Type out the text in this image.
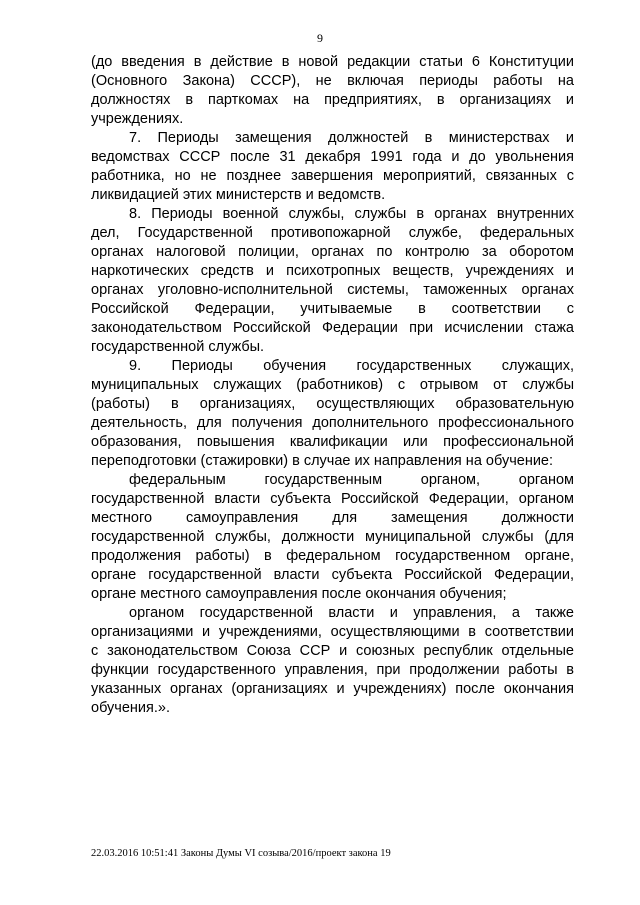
9
(до введения в действие в новой редакции статьи 6 Конституции
(Основного Закона) СССР), не включая периоды работы на
должностях в парткомах на предприятиях, в организациях и
учреждениях.
7. Периоды замещения должностей в министерствах и
ведомствах СССР после 31 декабря 1991 года и до увольнения
работника, но не позднее завершения мероприятий, связанных с
ликвидацией этих министерств и ведомств.
8. Периоды военной службы, службы в органах внутренних
дел, Государственной противопожарной службе, федеральных
органах налоговой полиции, органах по контролю за оборотом
наркотических средств и психотропных веществ, учреждениях и
органах уголовно-исполнительной системы, таможенных органах
Российской Федерации, учитываемые в соответствии с
законодательством Российской Федерации при исчислении стажа
государственной службы.
9. Периоды обучения государственных служащих,
муниципальных служащих (работников) с отрывом от службы
(работы) в организациях, осуществляющих образовательную
деятельность, для получения дополнительного профессионального
образования, повышения квалификации или профессиональной
переподготовки (стажировки) в случае их направления на обучение:
федеральным государственным органом, органом
государственной власти субъекта Российской Федерации, органом
местного самоуправления для замещения должности
государственной службы, должности муниципальной службы (для
продолжения работы) в федеральном государственном органе,
органе государственной власти субъекта Российской Федерации,
органе местного самоуправления после окончания обучения;
органом государственной власти и управления, а также
организациями и учреждениями, осуществляющими в соответствии
с законодательством Союза ССР и союзных республик отдельные
функции государственного управления, при продолжении работы в
указанных органах (организациях и учреждениях) после окончания
обучения.».
22.03.2016 10:51:41 Законы Думы VI созыва/2016/проект закона 19
